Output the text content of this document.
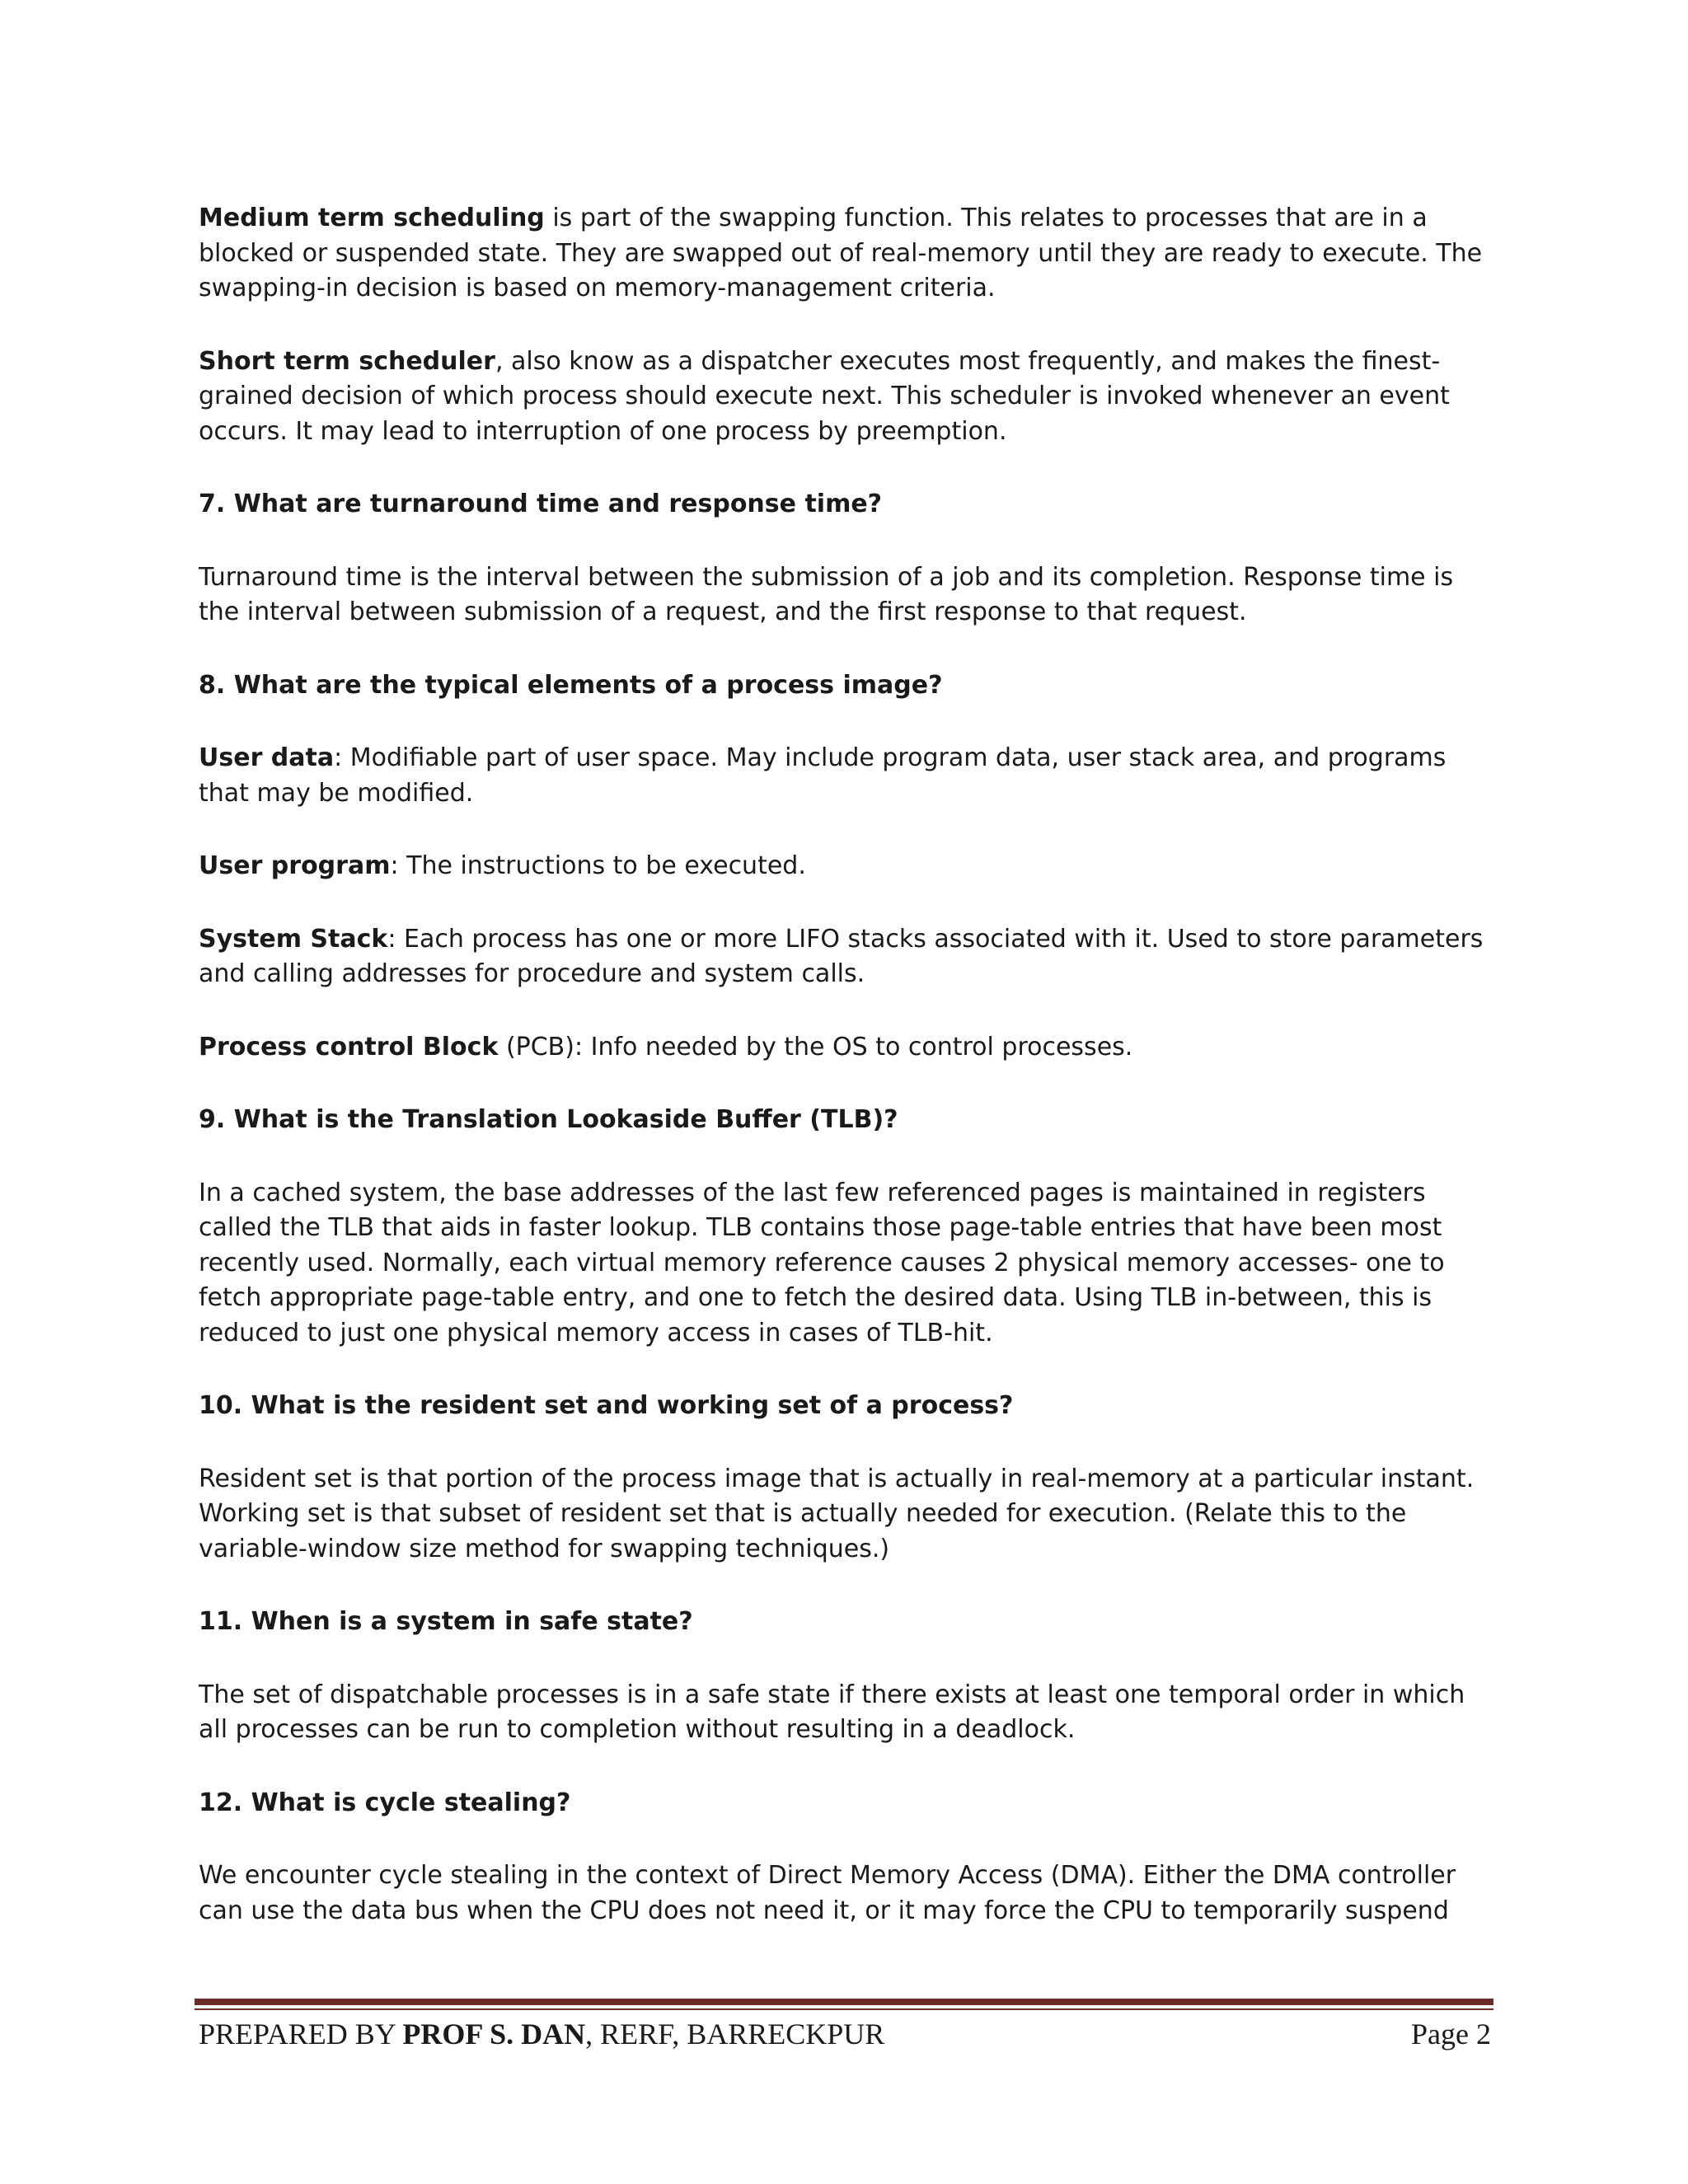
Medium term scheduling is part of the swapping function. This relates to processes that are in a blocked or suspended state. They are swapped out of real-memory until they are ready to execute. The swapping-in decision is based on memory-management criteria.

Short term scheduler, also know as a dispatcher executes most frequently, and makes the finest-grained decision of which process should execute next. This scheduler is invoked whenever an event occurs. It may lead to interruption of one process by preemption.

7. What are turnaround time and response time?

Turnaround time is the interval between the submission of a job and its completion. Response time is the interval between submission of a request, and the first response to that request.

8. What are the typical elements of a process image?

User data: Modifiable part of user space. May include program data, user stack area, and programs that may be modified.

User program: The instructions to be executed.

System Stack: Each process has one or more LIFO stacks associated with it. Used to store parameters and calling addresses for procedure and system calls.

Process control Block (PCB): Info needed by the OS to control processes.

9. What is the Translation Lookaside Buffer (TLB)?

In a cached system, the base addresses of the last few referenced pages is maintained in registers called the TLB that aids in faster lookup. TLB contains those page-table entries that have been most recently used. Normally, each virtual memory reference causes 2 physical memory accesses- one to fetch appropriate page-table entry, and one to fetch the desired data. Using TLB in-between, this is reduced to just one physical memory access in cases of TLB-hit.

10. What is the resident set and working set of a process?

Resident set is that portion of the process image that is actually in real-memory at a particular instant. Working set is that subset of resident set that is actually needed for execution. (Relate this to the variable-window size method for swapping techniques.)

11. When is a system in safe state?

The set of dispatchable processes is in a safe state if there exists at least one temporal order in which all processes can be run to completion without resulting in a deadlock.

12. What is cycle stealing?

We encounter cycle stealing in the context of Direct Memory Access (DMA). Either the DMA controller can use the data bus when the CPU does not need it, or it may force the CPU to temporarily suspend

PREPARED BY PROF S. DAN, RERF, BARRECKPUR	Page 2
